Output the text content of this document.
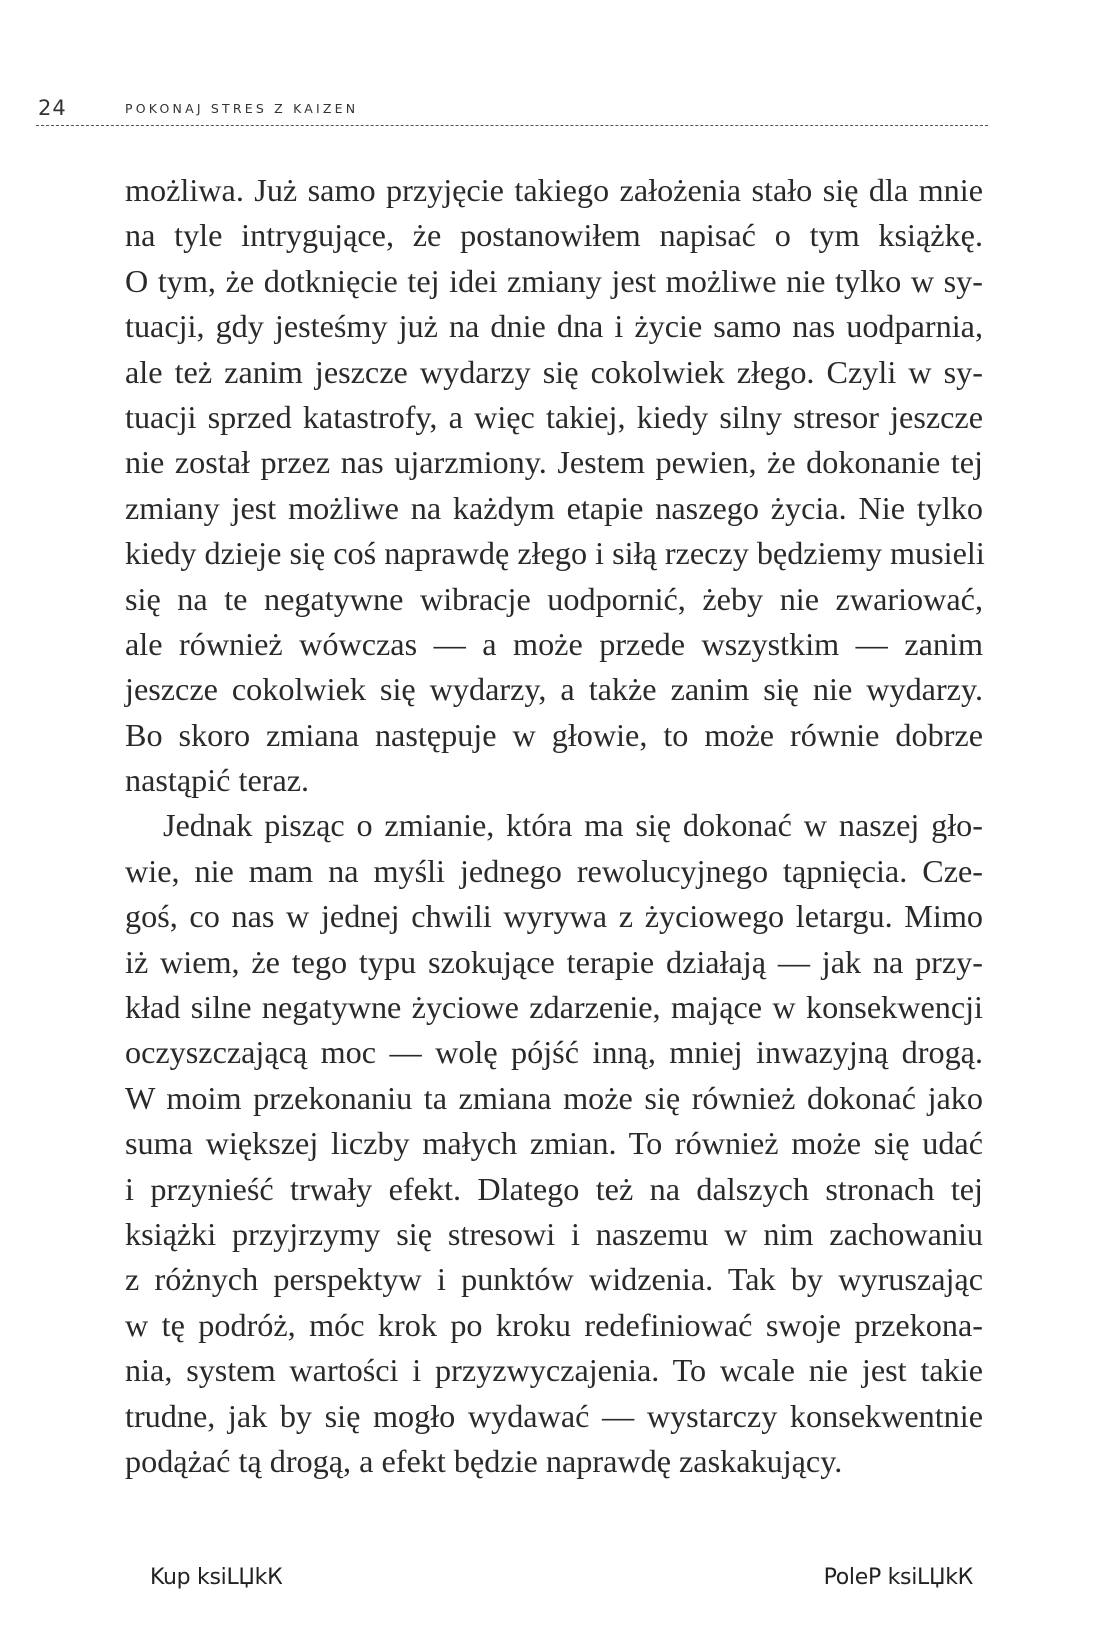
24	POKONAJ STRES Z KAIZEN
możliwa. Już samo przyjęcie takiego założenia stało się dla mnie
na tyle intrygujące, że postanowiłem napisać o tym książkę.
O tym, że dotknięcie tej idei zmiany jest możliwe nie tylko w sy-
tuacji, gdy jesteśmy już na dnie dna i życie samo nas uodparnia,
ale też zanim jeszcze wydarzy się cokolwiek złego. Czyli w sy-
tuacji sprzed katastrofy, a więc takiej, kiedy silny stresor jeszcze
nie został przez nas ujarzmiony. Jestem pewien, że dokonanie tej
zmiany jest możliwe na każdym etapie naszego życia. Nie tylko
kiedy dzieje się coś naprawdę złego i siłą rzeczy będziemy musieli
się na te negatywne wibracje uodpornić, żeby nie zwariować,
ale również wówczas — a może przede wszystkim — zanim
jeszcze cokolwiek się wydarzy, a także zanim się nie wydarzy.
Bo skoro zmiana następuje w głowie, to może równie dobrze
nastąpić teraz.
Jednak pisząc o zmianie, która ma się dokonać w naszej gło-
wie, nie mam na myśli jednego rewolucyjnego tąpnięcia. Cze-
goś, co nas w jednej chwili wyrywa z życiowego letargu. Mimo
iż wiem, że tego typu szokujące terapie działają — jak na przy-
kład silne negatywne życiowe zdarzenie, mające w konsekwencji
oczyszczającą moc — wolę pójść inną, mniej inwazyjną drogą.
W moim przekonaniu ta zmiana może się również dokonać jako
suma większej liczby małych zmian. To również może się udać
i przynieść trwały efekt. Dlatego też na dalszych stronach tej
książki przyjrzymy się stresowi i naszemu w nim zachowaniu
z różnych perspektyw i punktów widzenia. Tak by wyruszając
w tę podróż, móc krok po kroku redefiniować swoje przekona-
nia, system wartości i przyzwyczajenia. To wcale nie jest takie
trudne, jak by się mogło wydawać — wystarczy konsekwentnie
podążać tą drogą, a efekt będzie naprawdę zaskakujący.
Kup ksiLЏkК	PoleР ksiLЏkК
